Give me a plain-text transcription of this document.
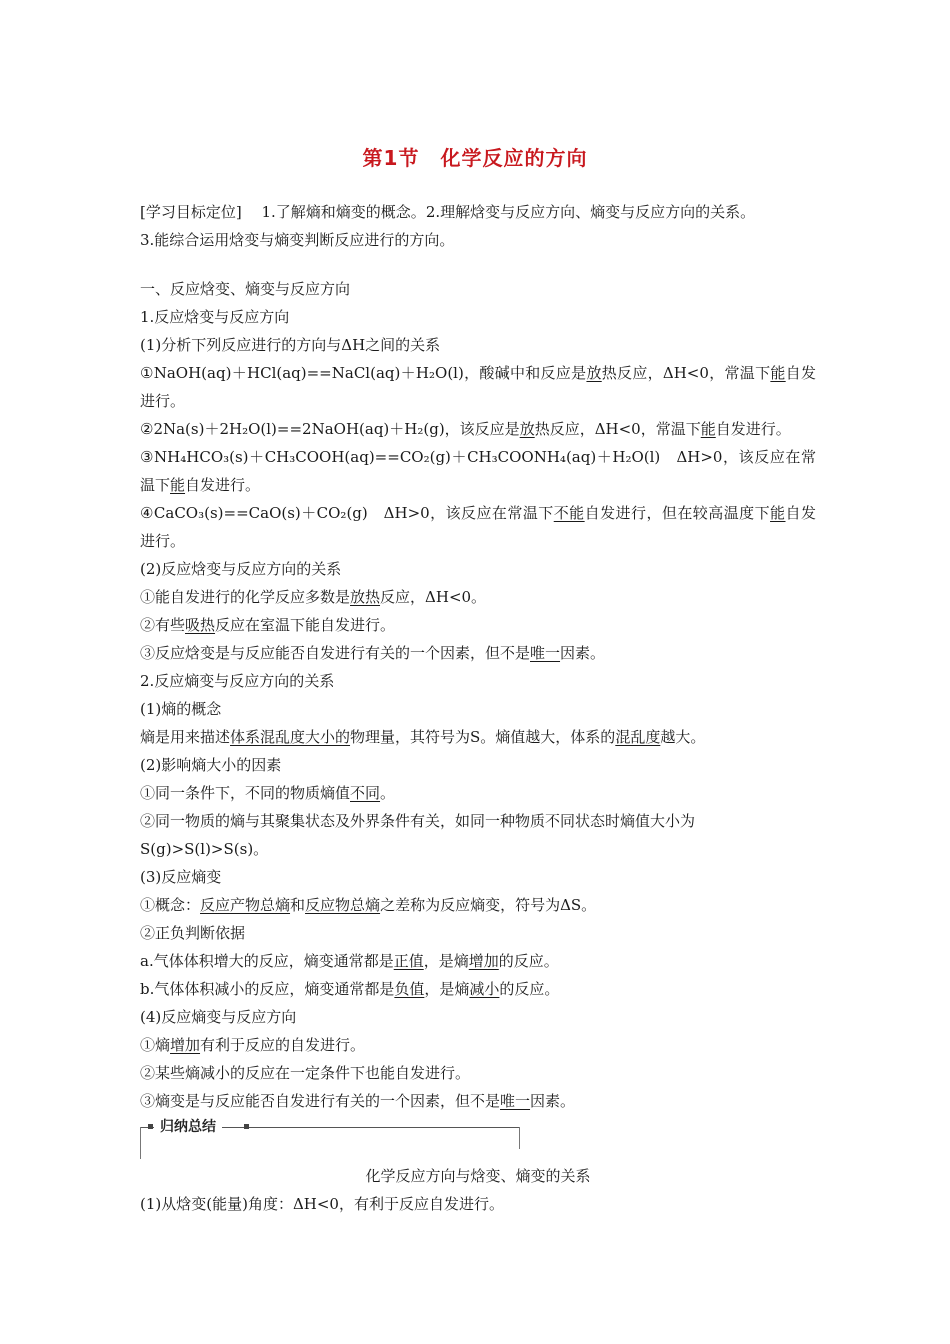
第1节　化学反应的方向

[学习目标定位]　 1.了解熵和熵变的概念。2.理解焓变与反应方向、熵变与反应方向的关系。

3.能综合运用焓变与熵变判断反应进行的方向。

一、反应焓变、熵变与反应方向

1.反应焓变与反应方向

(1)分析下列反应进行的方向与ΔH之间的关系

①NaOH(aq)＋HCl(aq)==NaCl(aq)＋H₂O(l)，酸碱中和反应是放热反应，ΔH<0，常温下能自发进行。

②2Na(s)＋2H₂O(l)==2NaOH(aq)＋H₂(g)，该反应是放热反应，ΔH<0，常温下能自发进行。

③NH₄HCO₃(s)＋CH₃COOH(aq)==CO₂(g)＋CH₃COONH₄(aq)＋H₂O(l)　ΔH>0，该反应在常温下能自发进行。

④CaCO₃(s)==CaO(s)＋CO₂(g)　ΔH>0，该反应在常温下不能自发进行，但在较高温度下能自发进行。

(2)反应焓变与反应方向的关系

①能自发进行的化学反应多数是放热反应，ΔH<0。

②有些吸热反应在室温下能自发进行。

③反应焓变是与反应能否自发进行有关的一个因素，但不是唯一因素。

2.反应熵变与反应方向的关系

(1)熵的概念

熵是用来描述体系混乱度大小的物理量，其符号为S。熵值越大，体系的混乱度越大。

(2)影响熵大小的因素

①同一条件下，不同的物质熵值不同。

②同一物质的熵与其聚集状态及外界条件有关，如同一种物质不同状态时熵值大小为

S(g)>S(l)>S(s)。

(3)反应熵变

①概念：反应产物总熵和反应物总熵之差称为反应熵变，符号为ΔS。

②正负判断依据

a.气体体积增大的反应，熵变通常都是正值，是熵增加的反应。

b.气体体积减小的反应，熵变通常都是负值，是熵减小的反应。

(4)反应熵变与反应方向

①熵增加有利于反应的自发进行。

②某些熵减小的反应在一定条件下也能自发进行。

③熵变是与反应能否自发进行有关的一个因素，但不是唯一因素。

归纳总结
化学反应方向与焓变、熵变的关系
(1)从焓变(能量)角度：ΔH<0，有利于反应自发进行。
